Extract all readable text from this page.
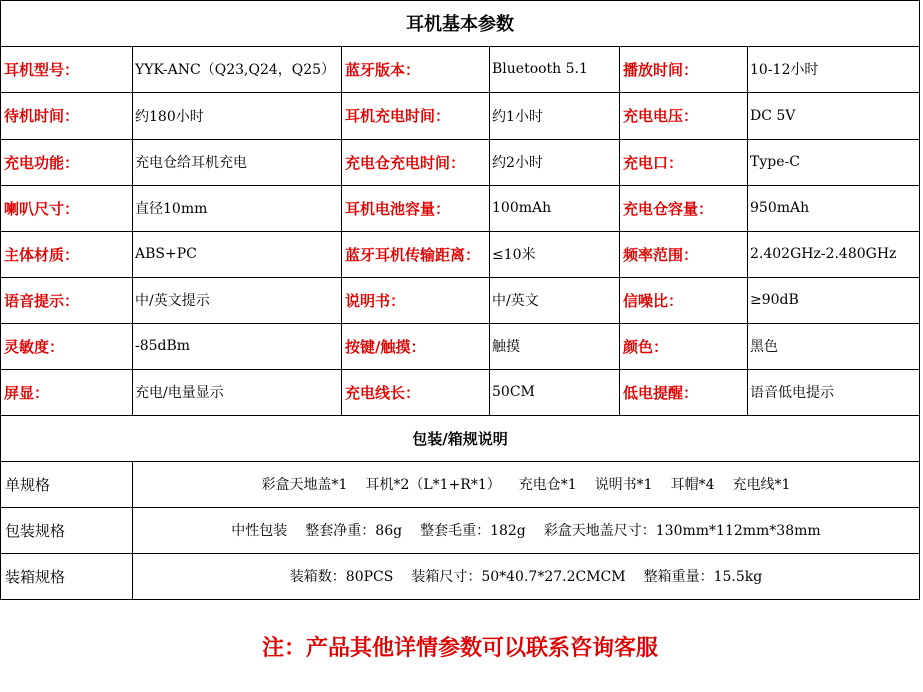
耳机基本参数
耳机型号：	YYK-ANC（Q23,Q24，Q25） 蓝牙版本：	Bluetooth 5.1	播放时间：	10-12小时
待机时间：	约180小时	耳机充电时间：	约1小时	充电电压：	DC 5V
充电功能：	充电仓给耳机充电	充电仓充电时间：	约2小时	充电口：	Type-C
喇叭尺寸：	直径10mm	耳机电池容量：	100mAh	充电仓容量：	950mAh
主体材质：	ABS+PC	蓝牙耳机传输距离： ≤10米	频率范围：	2.402GHz-2.480GHz
语音提示：	中/英文提示	说明书：	中/英文	信噪比：	≥90dB
灵敏度：	-85dBm	按键/触摸：	触摸	颜色：	黑色
屏显：	充电/电量显示	充电线长：	50CM	低电提醒：	语音低电提示
包装/箱规说明
单规格	彩盒天地盖*1 耳机*2（L*1+R*1） 充电仓*1 说明书*1 耳帽*4 充电线*1
包装规格	中性包装 整套净重：86g 整套毛重：182g 彩盒天地盖尺寸：130mm*112mm*38mm
装箱规格	装箱数：80PCS 装箱尺寸：50*40.7*27.2CMCM 整箱重量：15.5kg
注：产品其他详情参数可以联系咨询客服
